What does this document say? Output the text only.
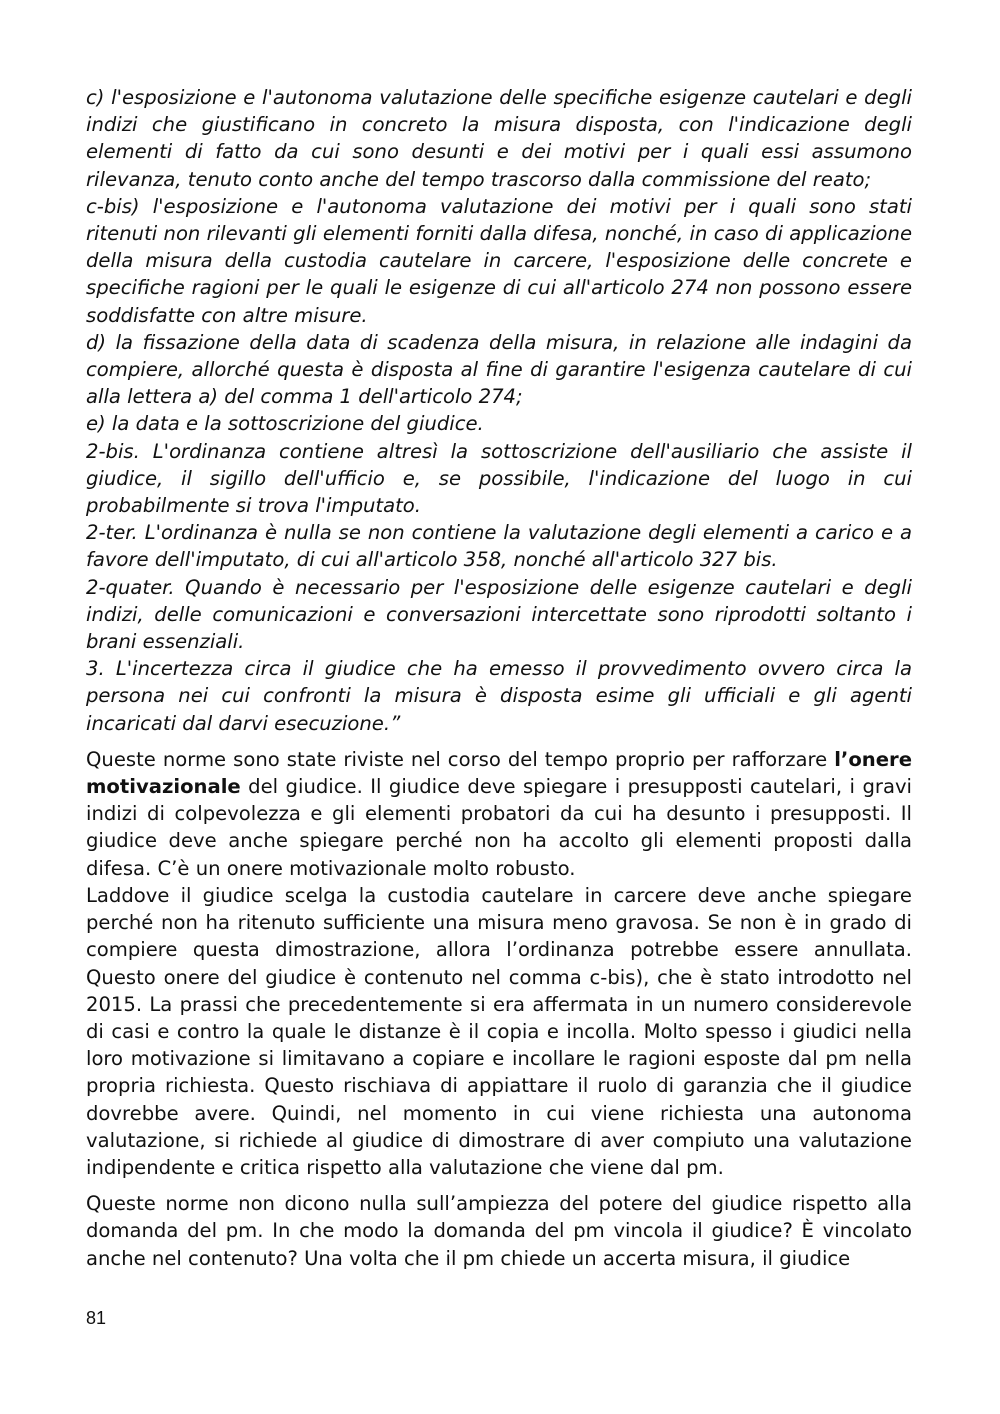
c) l'esposizione e l'autonoma valutazione delle specifiche esigenze cautelari e degli indizi che giustificano in concreto la misura disposta, con l'indicazione degli elementi di fatto da cui sono desunti e dei motivi per i quali essi assumono rilevanza, tenuto conto anche del tempo trascorso dalla commissione del reato;

c-bis) l'esposizione e l'autonoma valutazione dei motivi per i quali sono stati ritenuti non rilevanti gli elementi forniti dalla difesa, nonché, in caso di applicazione della misura della custodia cautelare in carcere, l'esposizione delle concrete e specifiche ragioni per le quali le esigenze di cui all'articolo 274 non possono essere soddisfatte con altre misure.

d) la fissazione della data di scadenza della misura, in relazione alle indagini da compiere, allorché questa è disposta al fine di garantire l'esigenza cautelare di cui alla lettera a) del comma 1 dell'articolo 274;

e) la data e la sottoscrizione del giudice.

2-bis. L'ordinanza contiene altresì la sottoscrizione dell'ausiliario che assiste il giudice, il sigillo dell'ufficio e, se possibile, l'indicazione del luogo in cui probabilmente si trova l'imputato.

2-ter. L'ordinanza è nulla se non contiene la valutazione degli elementi a carico e a favore dell'imputato, di cui all'articolo 358, nonché all'articolo 327 bis.

2-quater. Quando è necessario per l'esposizione delle esigenze cautelari e degli indizi, delle comunicazioni e conversazioni intercettate sono riprodotti soltanto i brani essenziali.

3. L'incertezza circa il giudice che ha emesso il provvedimento ovvero circa la persona nei cui confronti la misura è disposta esime gli ufficiali e gli agenti incaricati dal darvi esecuzione.”

Queste norme sono state riviste nel corso del tempo proprio per rafforzare l’onere motivazionale del giudice. Il giudice deve spiegare i presupposti cautelari, i gravi indizi di colpevolezza e gli elementi probatori da cui ha desunto i presupposti. Il giudice deve anche spiegare perché non ha accolto gli elementi proposti dalla difesa. C’è un onere motivazionale molto robusto.

Laddove il giudice scelga la custodia cautelare in carcere deve anche spiegare perché non ha ritenuto sufficiente una misura meno gravosa. Se non è in grado di compiere questa dimostrazione, allora l’ordinanza potrebbe essere annullata. Questo onere del giudice è contenuto nel comma c-bis), che è stato introdotto nel 2015. La prassi che precedentemente si era affermata in un numero considerevole di casi e contro la quale le distanze è il copia e incolla. Molto spesso i giudici nella loro motivazione si limitavano a copiare e incollare le ragioni esposte dal pm nella propria richiesta. Questo rischiava di appiattare il ruolo di garanzia che il giudice dovrebbe avere. Quindi, nel momento in cui viene richiesta una autonoma valutazione, si richiede al giudice di dimostrare di aver compiuto una valutazione indipendente e critica rispetto alla valutazione che viene dal pm.

Queste norme non dicono nulla sull’ampiezza del potere del giudice rispetto alla domanda del pm. In che modo la domanda del pm vincola il giudice? È vincolato anche nel contenuto? Una volta che il pm chiede un accerta misura, il giudice

81
